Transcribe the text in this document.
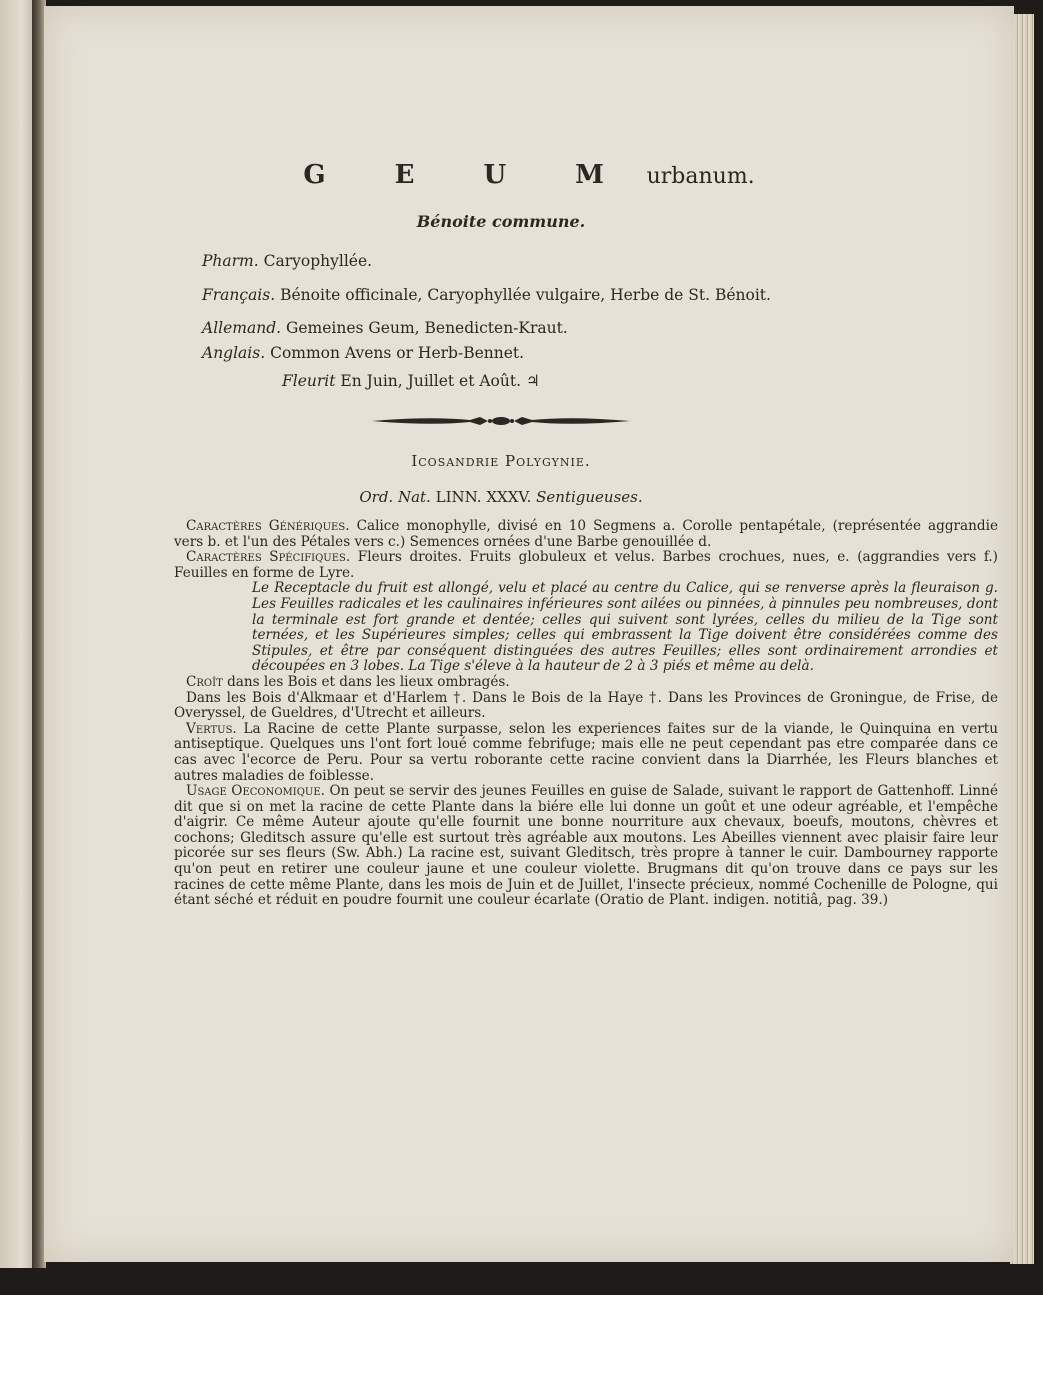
G E U M urbanum.
Bénoite commune.
Pharm. Caryophyllée.
Français. Bénoite officinale, Caryophyllée vulgaire, Herbe de St. Bénoit.
Allemand. Gemeines Geum, Benedicten-Kraut.
Anglais. Common Avens or Herb-Bennet.
Fleurit En Juin, Juillet et Août. ♃
Icosandrie Polygynie.
Ord. Nat. LINN. XXXV. Sentigueuses.

Caractères Génériques. Calice monophylle, divisé en 10 Segmens a. Corolle pentapétale, (représentée aggrandie vers b. et l'un des Pétales vers c.) Semences ornées d'une Barbe genouillée d.

Caractères Spécifiques. Fleurs droites. Fruits globuleux et velus. Barbes crochues, nues, e. (aggrandies vers f.) Feuilles en forme de Lyre.

Le Receptacle du fruit est allongé, velu et placé au centre du Calice, qui se renverse après la fleuraison g. Les Feuilles radicales et les caulinaires inférieures sont ailées ou pinnées, à pinnules peu nombreuses, dont la terminale est fort grande et dentée; celles qui suivent sont lyrées, celles du milieu de la Tige sont ternées, et les Supérieures simples; celles qui embrassent la Tige doivent être considérées comme des Stipules, et être par conséquent distinguées des autres Feuilles; elles sont ordinairement arrondies et découpées en 3 lobes. La Tige s'éleve à la hauteur de 2 à 3 piés et même au delà.

Croît dans les Bois et dans les lieux ombragés.

Dans les Bois d'Alkmaar et d'Harlem †. Dans le Bois de la Haye †. Dans les Provinces de Groningue, de Frise, de Overyssel, de Gueldres, d'Utrecht et ailleurs.

Vertus. La Racine de cette Plante surpasse, selon les experiences faites sur de la viande, le Quinquina en vertu antiseptique. Quelques uns l'ont fort loué comme febrifuge; mais elle ne peut cependant pas etre comparée dans ce cas avec l'ecorce de Peru. Pour sa vertu roborante cette racine convient dans la Diarrhée, les Fleurs blanches et autres maladies de foiblesse.

Usage Oeconomique. On peut se servir des jeunes Feuilles en guise de Salade, suivant le rapport de Gattenhoff. Linné dit que si on met la racine de cette Plante dans la biére elle lui donne un goût et une odeur agréable, et l'empêche d'aigrir. Ce même Auteur ajoute qu'elle fournit une bonne nourriture aux chevaux, boeufs, moutons, chèvres et cochons; Gleditsch assure qu'elle est surtout très agréable aux moutons. Les Abeilles viennent avec plaisir faire leur picorée sur ses fleurs (Sw. Abh.) La racine est, suivant Gleditsch, très propre à tanner le cuir. Dambourney rapporte qu'on peut en retirer une couleur jaune et une couleur violette. Brugmans dit qu'on trouve dans ce pays sur les racines de cette même Plante, dans les mois de Juin et de Juillet, l'insecte précieux, nommé Cochenille de Pologne, qui étant séché et réduit en poudre fournit une couleur écarlate (Oratio de Plant. indigen. notitiâ, pag. 39.)
